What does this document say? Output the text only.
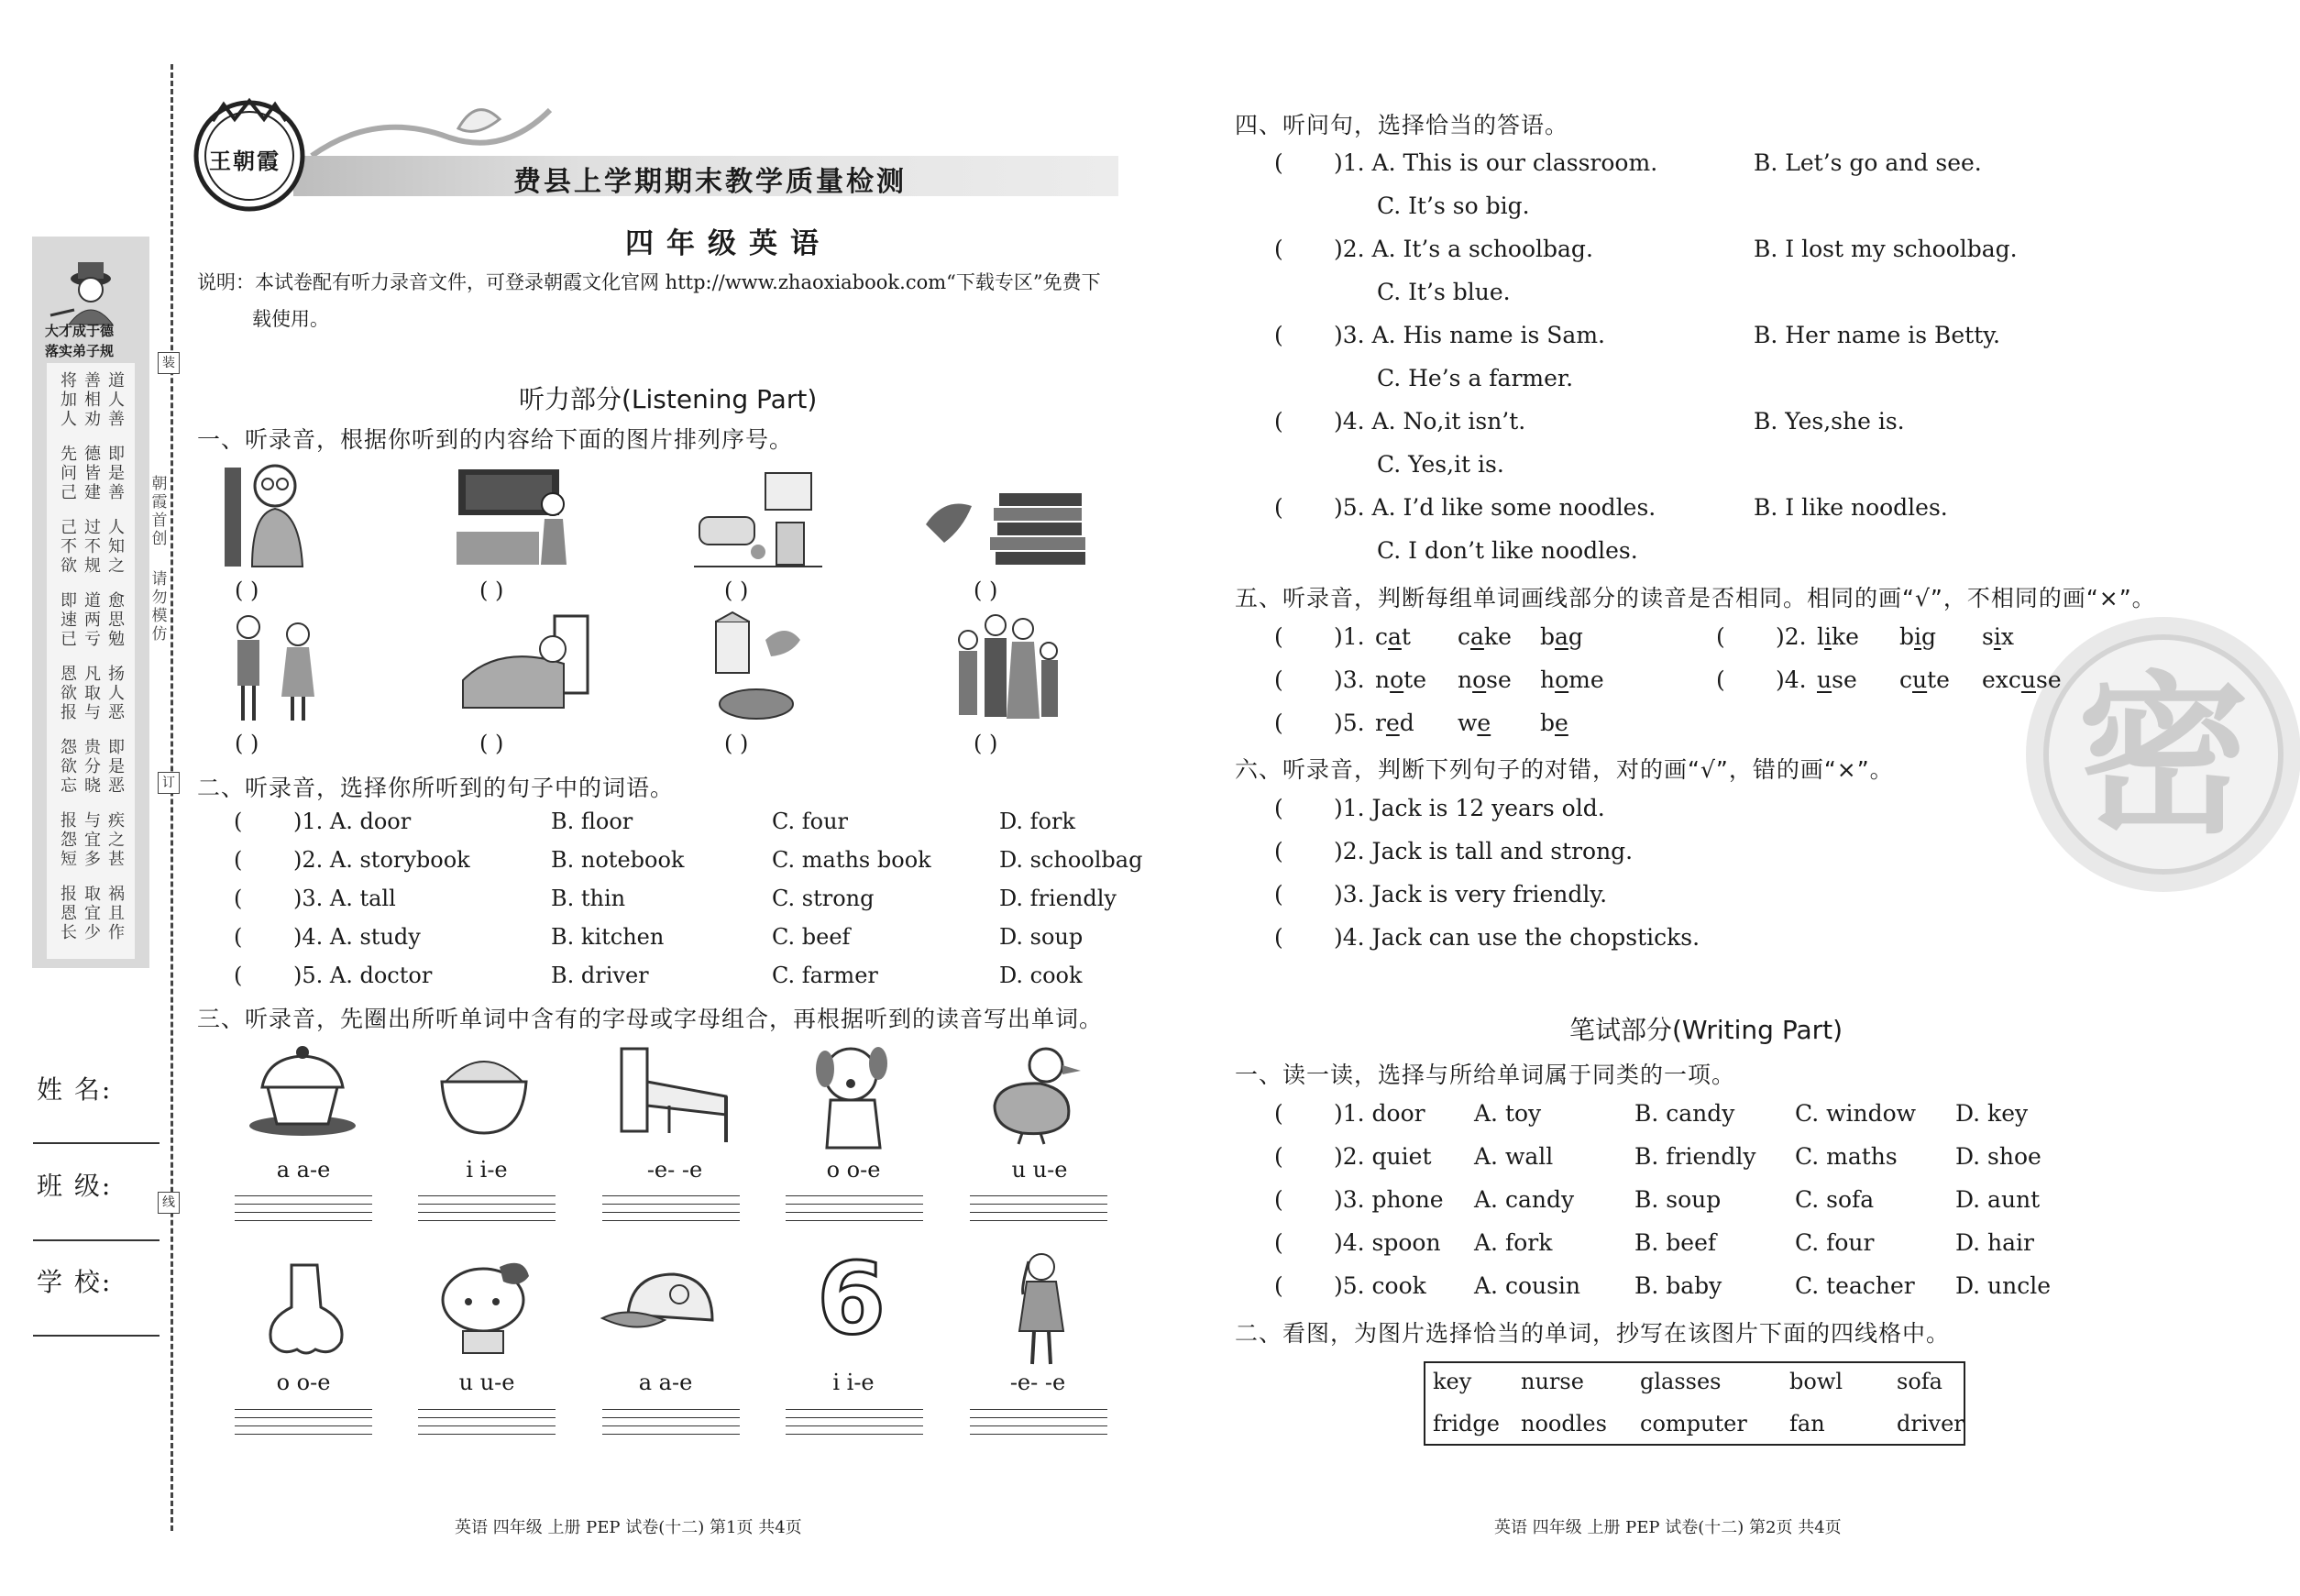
大才成于德
落实弟子规
道
善
将
人
相
加
善
劝
人
即
德
先
是
皆
问
善
建
己
人
过
己
知
不
不
之
规
欲
愈
道
即
思
两
速
勉
亏
已
扬
凡
恩
人
取
欲
恶
与
报
即
贵
怨
是
分
欲
恶
晓
忘
疾
与
报
之
宜
怨
甚
多
短
祸
取
报
且
宜
恩
作
少
长
朝霞首创
请勿模仿
装
订
线
姓 名:
班 级:
学 校:
王朝霞
费县上学期期末教学质量检测
四年级英语
说明：本试卷配有听力录音文件，可登录朝霞文化官网 http://www.zhaoxiabook.com“下载专区”免费下
载使用。
听力部分(Listening Part)
一、听录音，根据你听到的内容给下面的图片排列序号。
( )	( )	( )	( )
( )	( )	( )	( )
二、听录音，选择你所听到的句子中的词语。
( )1. A. door	B. floor	C. four	D. fork
( )2. A. storybook	B. notebook	C. maths book	D. schoolbag
( )3. A. tall	B. thin	C. strong	D. friendly
( )4. A. study	B. kitchen	C. beef	D. soup
( )5. A. doctor	B. driver	C. farmer	D. cook
三、听录音，先圈出所听单词中含有的字母或字母组合，再根据听到的读音写出单词。
a a-e	i i-e	-e- -e	o o-e	u u-e
6
o o-e	u u-e	a a-e	i i-e	-e- -e
英语 四年级 上册 PEP 试卷(十二) 第1页 共4页
密
四、听问句，选择恰当的答语。
( )1. A. This is our classroom.	B. Let’s go and see.
C. It’s so big.
( )2. A. It’s a schoolbag.	B. I lost my schoolbag.
C. It’s blue.
( )3. A. His name is Sam.	B. Her name is Betty.
C. He’s a farmer.
( )4. A. No,it isn’t.	B. Yes,she is.
C. Yes,it is.
( )5. A. I’d like some noodles.	B. I like noodles.
C. I don’t like noodles.
五、听录音，判断每组单词画线部分的读音是否相同。相同的画“√”，不相同的画“×”。
( )1. cat cake bag	( )2. like big six
( )3. note nose home	( )4. use cute excuse
( )5. red we be
六、听录音，判断下列句子的对错，对的画“√”，错的画“×”。
( )1. Jack is 12 years old.
( )2. Jack is tall and strong.
( )3. Jack is very friendly.
( )4. Jack can use the chopsticks.
笔试部分(Writing Part)
一、读一读，选择与所给单词属于同类的一项。
( )1. door A. toy	B. candy	C. window D. key
( )2. quiet A. wall	B. friendly C. maths	D. shoe
( )3. phone A. candy	B. soup	C. sofa	D. aunt
( )4. spoon A. fork	B. beef	C. four	D. hair
( )5. cook A. cousin B. baby	C. teacher D. uncle
二、看图，为图片选择恰当的单词，抄写在该图片下面的四线格中。
key nurse	glasses	bowl sofa
fridge noodles computer fan	driver
英语 四年级 上册 PEP 试卷(十二) 第2页 共4页
